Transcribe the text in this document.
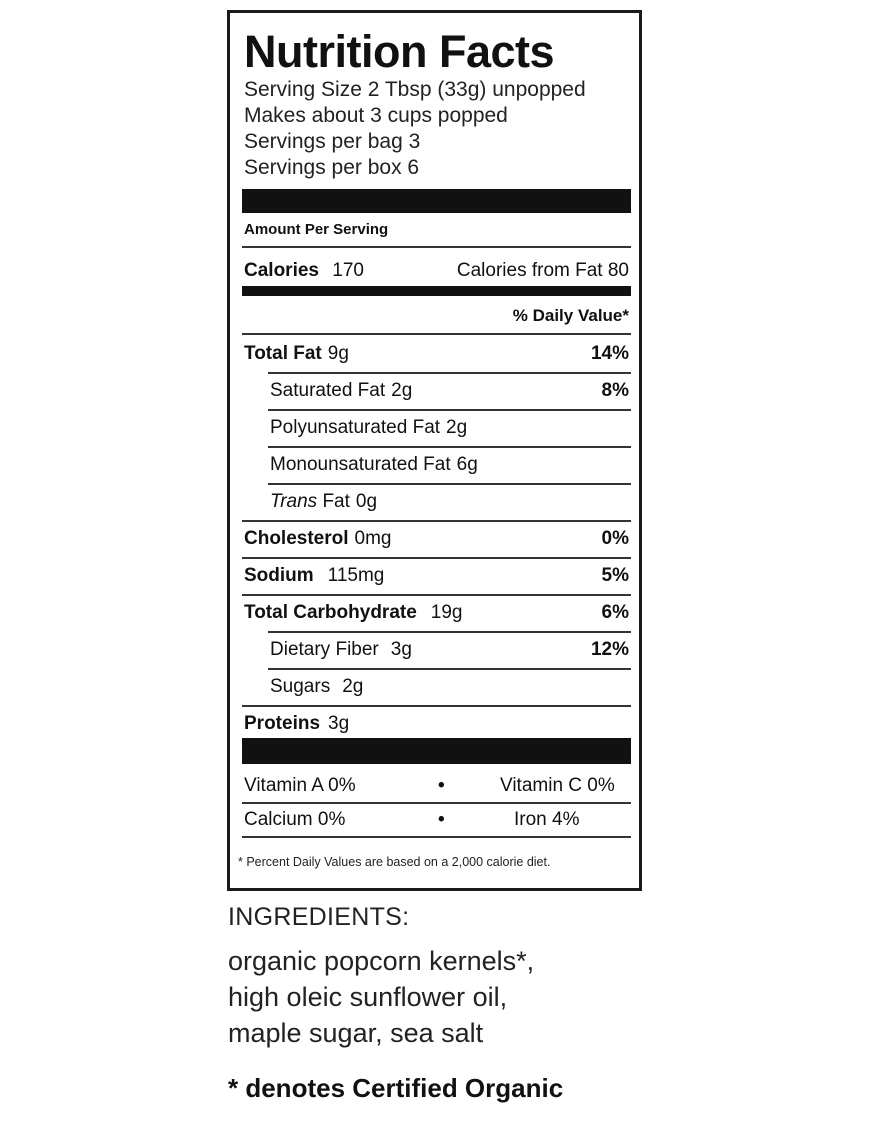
Nutrition Facts
Serving Size 2 Tbsp (33g) unpopped
Makes about 3 cups popped
Servings per bag 3
Servings per box 6
Amount Per Serving
Calories 170	Calories from Fat 80
% Daily Value*
Total Fat 9g	14%
Saturated Fat 2g	8%
Polyunsaturated Fat 2g
Monounsaturated Fat 6g
Trans Fat 0g
Cholesterol 0mg	0%
Sodium 115mg	5%
Total Carbohydrate 19g	6%
Dietary Fiber 3g	12%
Sugars 2g
Proteins 3g
Vitamin A 0%	•	Vitamin C 0%
Calcium 0%	•	Iron 4%
* Percent Daily Values are based on a 2,000 calorie diet.
INGREDIENTS:
organic popcorn kernels*,
high oleic sunflower oil,
maple sugar, sea salt
* denotes Certified Organic
